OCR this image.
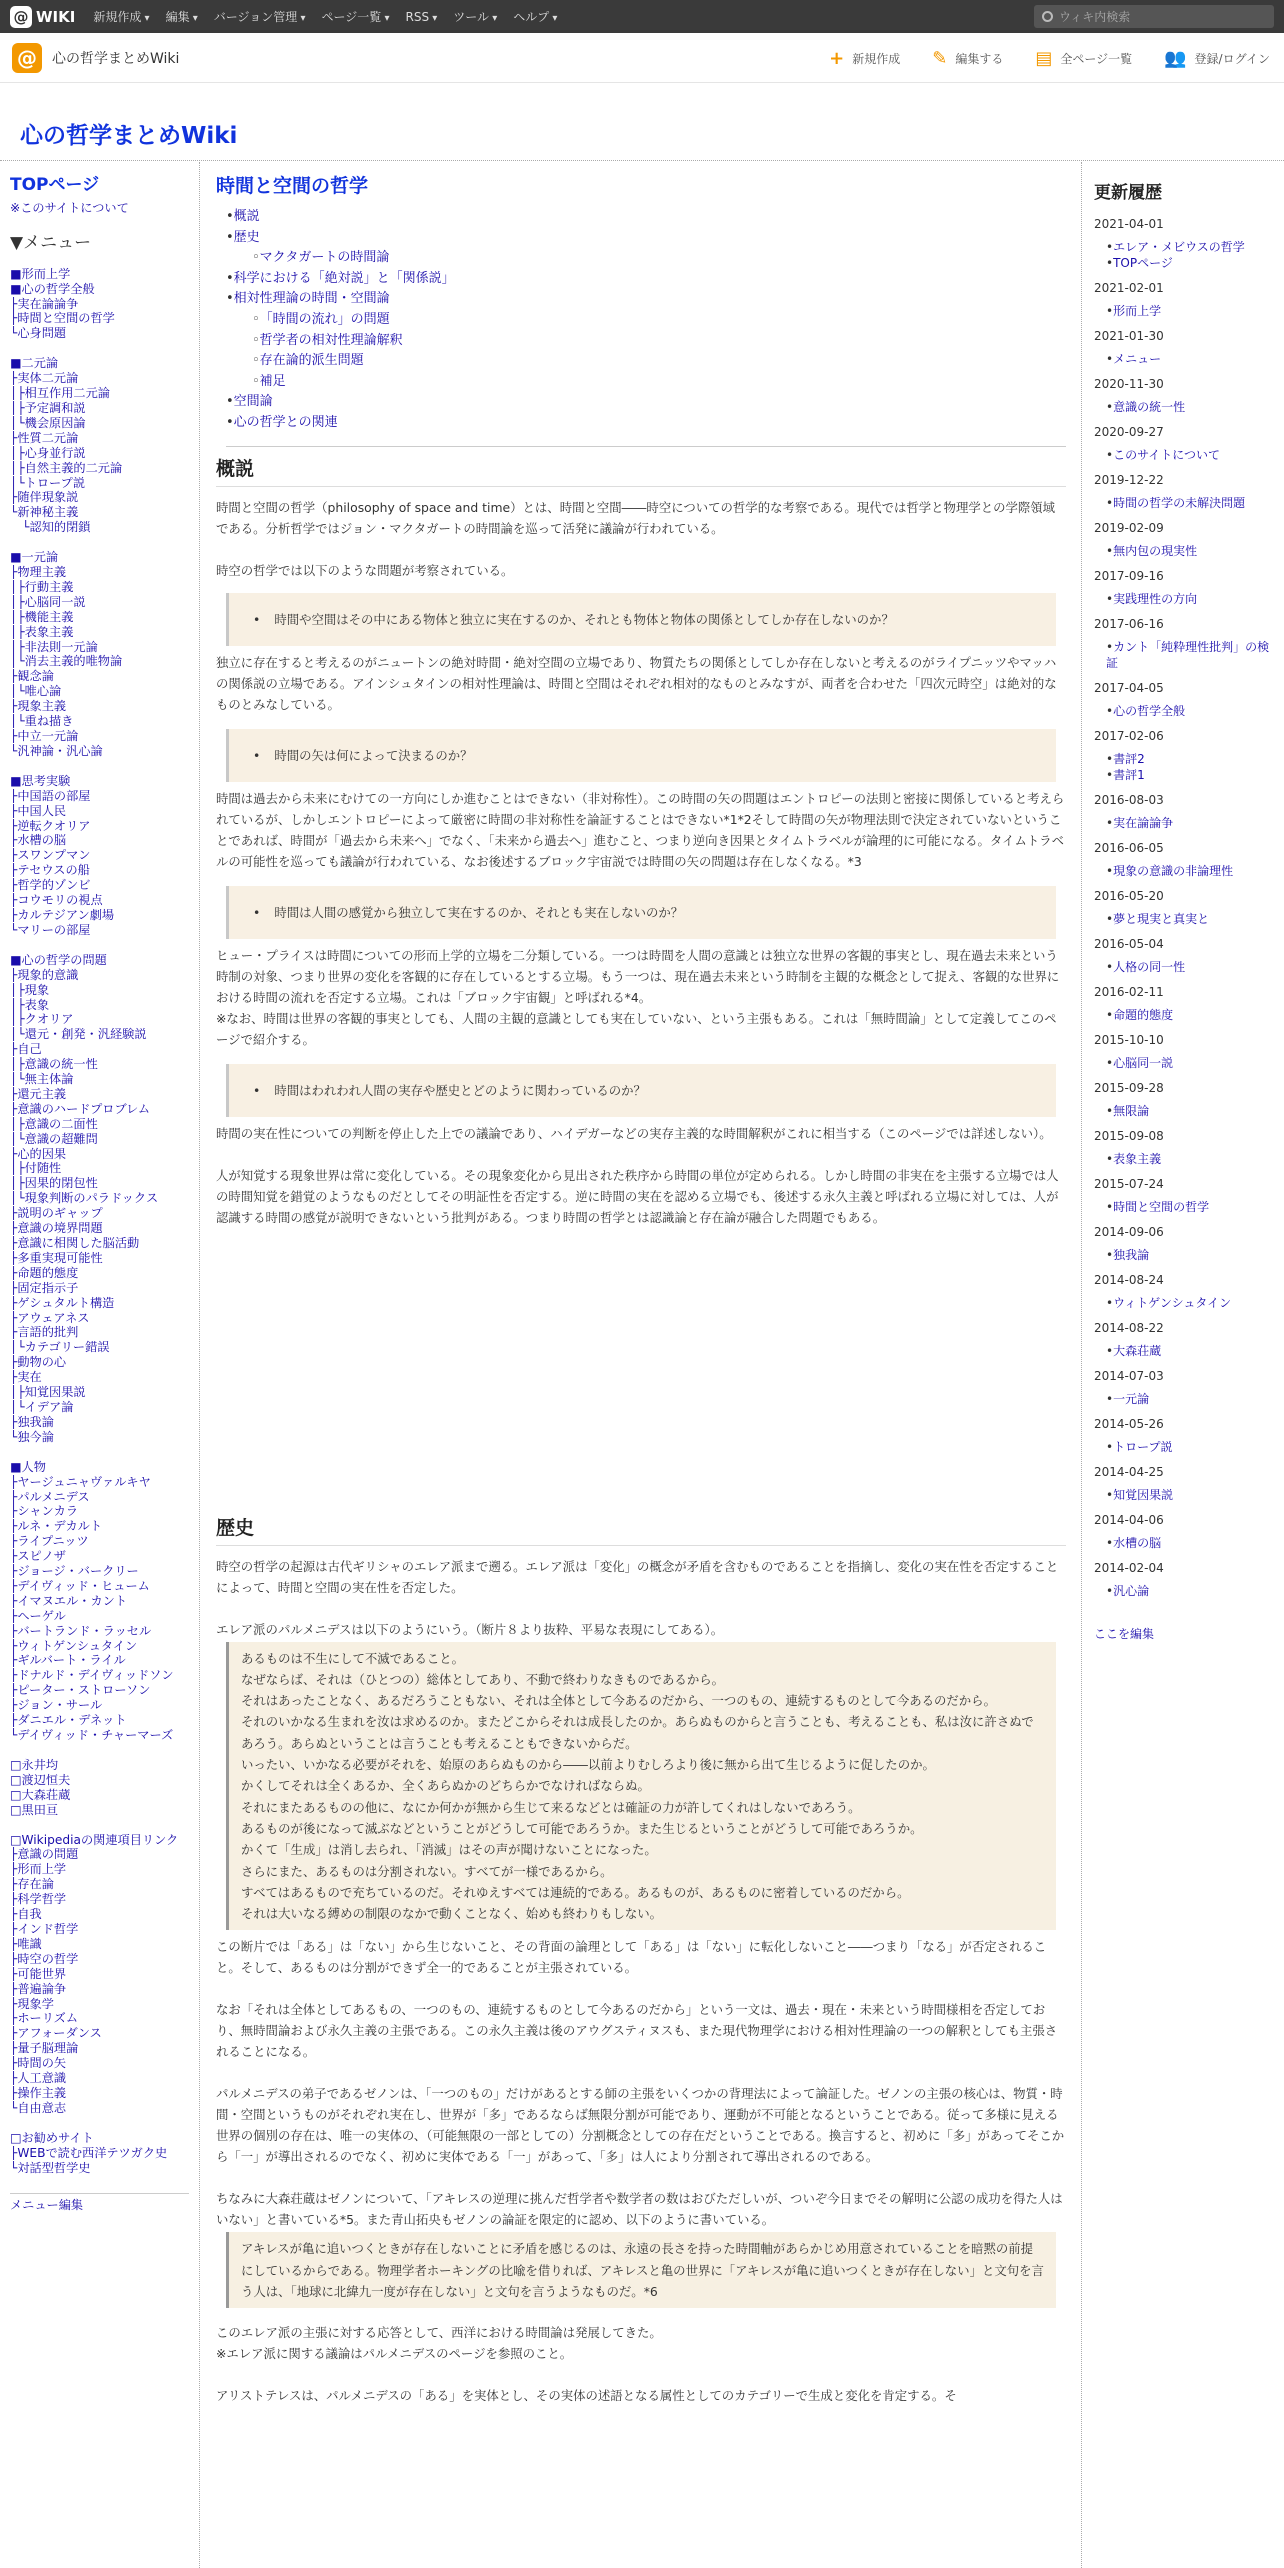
@ WIKI 新規作成 ▾	編集 ▾	バージョン管理 ▾	ページ一覧 ▾	RSS ▾	ツール ▾	ヘルプ ▾
ウィキ内検索
@	心の哲学まとめWiki	+ 新規作成 ✎ 編集する ▤ 全ページ一覧 👥 登録/ログイン
心の哲学まとめWiki
TOPページ
※このサイトについて
▼メニュー
■形而上学
■心の哲学全般
├実在論論争
├時間と空間の哲学
└心身問題
■二元論
├実体二元論
│├相互作用二元論
│├予定調和説
│└機会原因論
├性質二元論
│├心身並行説
│├自然主義的二元論
│└トロープ説
├随伴現象説
└新神秘主義
　└認知的閉鎖
■一元論
├物理主義
│├行動主義
│├心脳同一説
│├機能主義
│├表象主義
│├非法則一元論
│└消去主義的唯物論
├観念論
│└唯心論
├現象主義
│└重ね描き
├中立一元論
└汎神論・汎心論
■思考実験
├中国語の部屋
├中国人民
├逆転クオリア
├水槽の脳
├スワンプマン
├テセウスの船
├哲学的ゾンビ
├コウモリの視点
├カルテジアン劇場
└マリーの部屋
■心の哲学の問題
├現象的意識
│├現象
│├表象
│├クオリア
│└還元・創発・汎経験説
├自己
│├意識の統一性
│└無主体論
├還元主義
├意識のハードプロブレム
│├意識の二面性
│└意識の超難問
├心的因果
│├付随性
│├因果的閉包性
│└現象判断のパラドックス
├説明のギャップ
├意識の境界問題
├意識に相関した脳活動
├多重実現可能性
├命題的態度
├固定指示子
├ゲシュタルト構造
├アウェアネス
├言語的批判
│└カテゴリー錯誤
├動物の心
├実在
│├知覚因果説
│└イデア論
├独我論
└独今論
■人物
├ヤージュニャヴァルキヤ
├パルメニデス
├シャンカラ
├ルネ・デカルト
├ライプニッツ
├スピノザ
├ジョージ・バークリー
├デイヴィッド・ヒューム
├イマヌエル・カント
├ヘーゲル
├バートランド・ラッセル
├ウィトゲンシュタイン
├ギルバート・ライル
├ドナルド・デイヴィッドソン
├ピーター・ストローソン
├ジョン・サール
├ダニエル・デネット
└デイヴィッド・チャーマーズ
□永井均
□渡辺恒夫
□大森荘蔵
□黒田亘
□Wikipediaの関連項目リンク
├意識の問題
├形而上学
├存在論
├科学哲学
├自我
├インド哲学
├唯識
├時空の哲学
├可能世界
├普遍論争
├現象学
├ホーリズム
├アフォーダンス
├量子脳理論
├時間の矢
├人工意識
├操作主義
└自由意志
□お勧めサイト
├WEBで読む西洋テツガク史
└対話型哲学史
メニュー編集
時間と空間の哲学
• 概説
• 歴史
◦ マクタガートの時間論
• 科学における「絶対説」と「関係説」
• 相対性理論の時間・空間論
◦ 「時間の流れ」の問題
◦ 哲学者の相対性理論解釈
◦ 存在論的派生問題
◦ 補足
• 空間論
• 心の哲学との関連
概説

時間と空間の哲学（philosophy of space and time）とは、時間と空間――時空についての哲学的な考察である。現代では哲学と物理学との学際領域である。分析哲学ではジョン・マクタガートの時間論を巡って活発に議論が行われている。

時空の哲学では以下のような問題が考察されている。

• 時間や空間はその中にある物体と独立に実在するのか、それとも物体と物体の関係としてしか存在しないのか？

独立に存在すると考えるのがニュートンの絶対時間・絶対空間の立場であり、物質たちの関係としてしか存在しないと考えるのがライプニッツやマッハの関係説の立場である。アインシュタインの相対性理論は、時間と空間はそれぞれ相対的なものとみなすが、両者を合わせた「四次元時空」は絶対的なものとみなしている。

• 時間の矢は何によって決まるのか？

時間は過去から未来にむけての一方向にしか進むことはできない（非対称性）。この時間の矢の問題はエントロピーの法則と密接に関係していると考えられているが、しかしエントロピーによって厳密に時間の非対称性を論証することはできない*1*2そして時間の矢が物理法則で決定されていないということであれば、時間が「過去から未来へ」でなく、「未来から過去へ」進むこと、つまり逆向き因果とタイムトラベルが論理的に可能になる。タイムトラベルの可能性を巡っても議論が行われている、なお後述するブロック宇宙説では時間の矢の問題は存在しなくなる。*3

• 時間は人間の感覚から独立して実在するのか、それとも実在しないのか？

ヒュー・プライスは時間についての形而上学的立場を二分類している。一つは時間を人間の意識とは独立な世界の客観的事実とし、現在過去未来という時制の対象、つまり世界の変化を客観的に存在しているとする立場。もう一つは、現在過去未来という時制を主観的な概念として捉え、客観的な世界における時間の流れを否定する立場。これは「ブロック宇宙観」と呼ばれる*4。
※なお、時間は世界の客観的事実としても、人間の主観的意識としても実在していない、という主張もある。これは「無時間論」として定義してこのページで紹介する。

• 時間はわれわれ人間の実存や歴史とどのように関わっているのか？

時間の実在性についての判断を停止した上での議論であり、ハイデガーなどの実存主義的な時間解釈がこれに相当する（このページでは詳述しない）。

人が知覚する現象世界は常に変化している。その現象変化から見出された秩序から時間の単位が定められる。しかし時間の非実在を主張する立場では人の時間知覚を錯覚のようなものだとしてその明証性を否定する。逆に時間の実在を認める立場でも、後述する永久主義と呼ばれる立場に対しては、人が認識する時間の感覚が説明できないという批判がある。つまり時間の哲学とは認識論と存在論が融合した問題でもある。

歴史

時空の哲学の起源は古代ギリシャのエレア派まで遡る。エレア派は「変化」の概念が矛盾を含むものであることを指摘し、変化の実在性を否定することによって、時間と空間の実在性を否定した。

エレア派のパルメニデスは以下のようにいう。（断片８より抜粋、平易な表現にしてある）。

あるものは不生にして不滅であること。
なぜならば、それは（ひとつの）総体としてあり、不動で終わりなきものであるから。
それはあったことなく、あるだろうこともない、それは全体として今あるのだから、一つのもの、連続するものとして今あるのだから。
それのいかなる生まれを汝は求めるのか。またどこからそれは成長したのか。あらぬものからと言うことも、考えることも、私は汝に許さぬであろう。あらぬということは言うことも考えることもできないからだ。
いったい、いかなる必要がそれを、始原のあらぬものから――以前よりむしろより後に無から出て生じるように促したのか。
かくしてそれは全くあるか、全くあらぬかのどちらかでなければならぬ。
それにまたあるものの他に、なにか何かが無から生じて来るなどとは確証の力が許してくれはしないであろう。
あるものが後になって滅ぶなどということがどうして可能であろうか。また生じるということがどうして可能であろうか。
かくて「生成」は消し去られ、「消滅」はその声が聞けないことになった。
さらにまた、あるものは分割されない。すべてが一様であるから。
すべてはあるもので充ちているのだ。それゆえすべては連続的である。あるものが、あるものに密着しているのだから。
それは大いなる縛めの制限のなかで動くことなく、始めも終わりもしない。

この断片では「ある」は「ない」から生じないこと、その背面の論理として「ある」は「ない」に転化しないこと――つまり「なる」が否定されること。そして、あるものは分割ができず全一的であることが主張されている。

なお「それは全体としてあるもの、一つのもの、連続するものとして今あるのだから」という一文は、過去・現在・未来という時間様相を否定しており、無時間論および永久主義の主張である。この永久主義は後のアウグスティヌスも、また現代物理学における相対性理論の一つの解釈としても主張されることになる。

パルメニデスの弟子であるゼノンは、「一つのもの」だけがあるとする師の主張をいくつかの背理法によって論証した。ゼノンの主張の核心は、物質・時間・空間というものがそれぞれ実在し、世界が「多」であるならば無限分割が可能であり、運動が不可能となるということである。従って多様に見える世界の個別の存在は、唯一の実体の、（可能無限の一部としての）分割概念としての存在だということである。換言すると、初めに「多」があってそこから「一」が導出されるのでなく、初めに実体である「一」があって、「多」は人により分割されて導出されるのである。

ちなみに大森荘蔵はゼノンについて、「アキレスの逆理に挑んだ哲学者や数学者の数はおびただしいが、ついぞ今日までその解明に公認の成功を得た人はいない」と書いている*5。また青山拓央もゼノンの論証を限定的に認め、以下のように書いている。

アキレスが亀に追いつくときが存在しないことに矛盾を感じるのは、永遠の長さを持った時間軸があらかじめ用意されていることを暗黙の前提にしているからである。物理学者ホーキングの比喩を借りれば、アキレスと亀の世界に「アキレスが亀に追いつくときが存在しない」と文句を言う人は、「地球に北緯九一度が存在しない」と文句を言うようなものだ。*6

このエレア派の主張に対する応答として、西洋における時間論は発展してきた。
※エレア派に関する議論はパルメニデスのページを参照のこと。

アリストテレスは、パルメニデスの「ある」を実体とし、その実体の述語となる属性としてのカテゴリーで生成と変化を肯定する。そ

更新履歴
2021-04-01
• エレア・メビウスの哲学
• TOPページ
2021-02-01
• 形而上学
2021-01-30
• メニュー
2020-11-30
• 意識の統一性
2020-09-27
• このサイトについて
2019-12-22
• 時間の哲学の未解決問題
2019-02-09
• 無内包の現実性
2017-09-16
• 実践理性の方向
2017-06-16
• カント「純粋理性批判」の検証
2017-04-05
• 心の哲学全般
2017-02-06
• 書評2
• 書評1
2016-08-03
• 実在論論争
2016-06-05
• 現象の意識の非論理性
2016-05-20
• 夢と現実と真実と
2016-05-04
• 人格の同一性
2016-02-11
• 命題的態度
2015-10-10
• 心脳同一説
2015-09-28
• 無限論
2015-09-08
• 表象主義
2015-07-24
• 時間と空間の哲学
2014-09-06
• 独我論
2014-08-24
• ウィトゲンシュタイン
2014-08-22
• 大森荘蔵
2014-07-03
• 一元論
2014-05-26
• トロープ説
2014-04-25
• 知覚因果説
2014-04-06
• 水槽の脳
2014-02-04
• 汎心論
ここを編集
